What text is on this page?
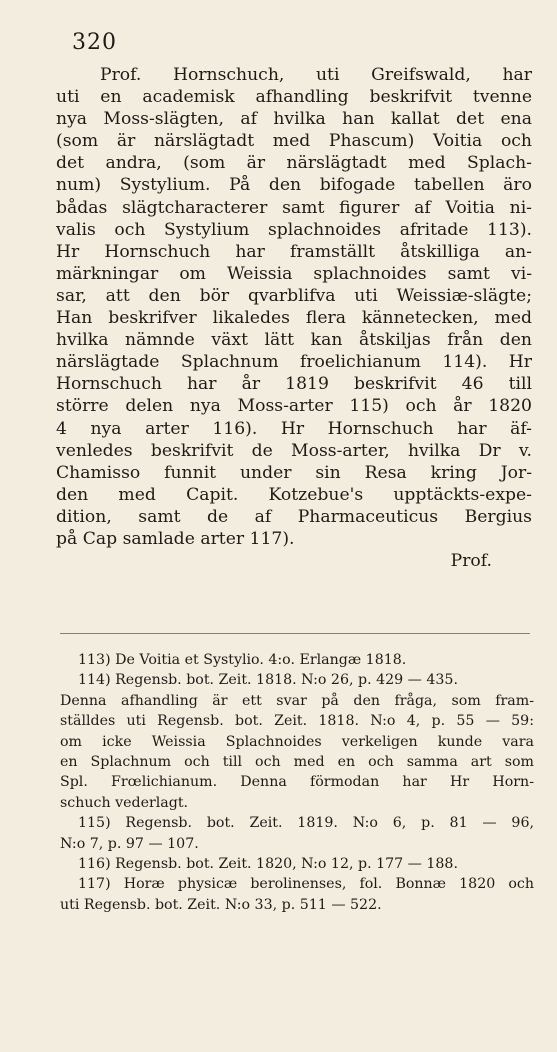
320
Prof. Hornschuch, uti Greifswald, har
uti en academisk afhandling beskrifvit tvenne
nya Moss-slägten, af hvilka han kallat det ena
(som är närslägtadt med Phascum) Voitia och
det andra, (som är närslägtadt med Splach-
num) Systylium. På den bifogade tabellen äro
bådas slägtcharacterer samt figurer af Voitia ni-
valis och Systylium splachnoides afritade 113).
Hr Hornschuch har framställt åtskilliga an-
märkningar om Weissia splachnoides samt vi-
sar, att den bör qvarblifva uti Weissiæ-slägte;
Han beskrifver likaledes flera kännetecken, med
hvilka nämnde växt lätt kan åtskiljas från den
närslägtade Splachnum froelichianum 114). Hr
Hornschuch har år 1819 beskrifvit 46 till
större delen nya Moss-arter 115) och år 1820
4 nya arter 116). Hr Hornschuch har äf-
venledes beskrifvit de Moss-arter, hvilka Dr v.
Chamisso funnit under sin Resa kring Jor-
den med Capit. Kotzebue's upptäckts-expe-
dition, samt de af Pharmaceuticus Bergius
på Cap samlade arter 117).
Prof.
113) De Voitia et Systylio. 4:o. Erlangæ 1818.
114) Regensb. bot. Zeit. 1818. N:o 26, p. 429 — 435.
Denna afhandling är ett svar på den fråga, som fram-
ställdes uti Regensb. bot. Zeit. 1818. N:o 4, p. 55 — 59:
om icke Weissia Splachnoides verkeligen kunde vara
en Splachnum och till och med en och samma art som
Spl. Frœlichianum. Denna förmodan har Hr Horn-
schuch vederlagt.
115) Regensb. bot. Zeit. 1819. N:o 6, p. 81 — 96,
N:o 7, p. 97 — 107.
116) Regensb. bot. Zeit. 1820, N:o 12, p. 177 — 188.
117) Horæ physicæ berolinenses, fol. Bonnæ 1820 och
uti Regensb. bot. Zeit. N:o 33, p. 511 — 522.
